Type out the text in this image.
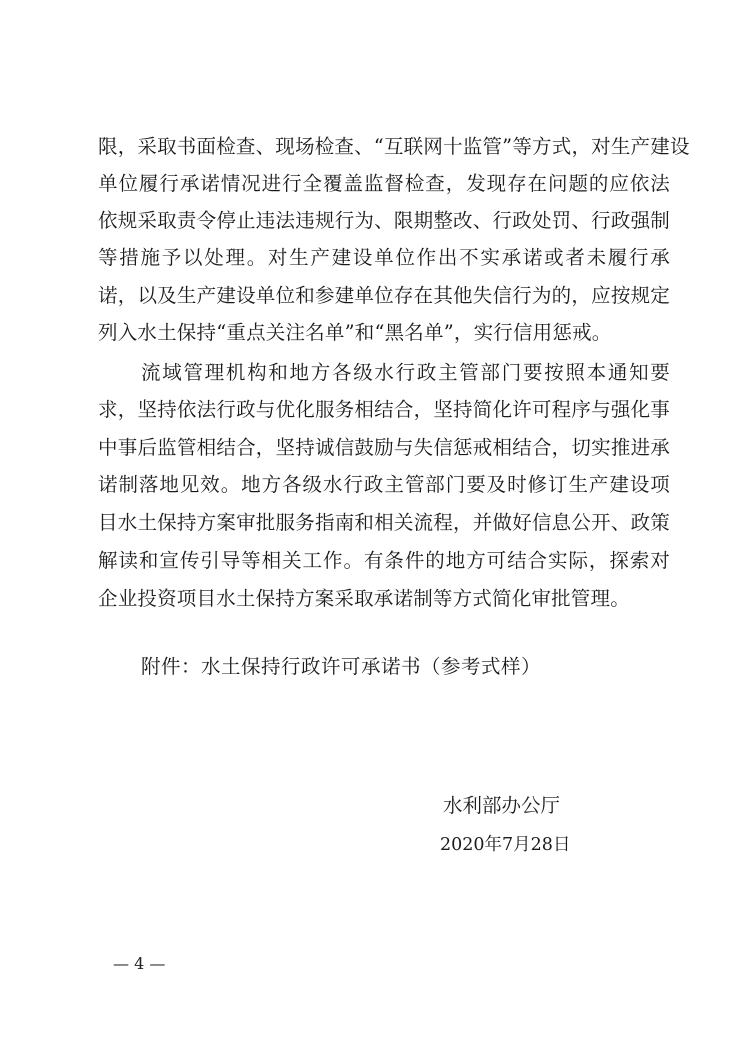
限，采取书面检查、现场检查、“互联网十监管”等方式，对生产建设
单位履行承诺情况进行全覆盖监督检查，发现存在问题的应依法
依规采取责令停止违法违规行为、限期整改、行政处罚、行政强制
等措施予以处理。对生产建设单位作出不实承诺或者未履行承
诺，以及生产建设单位和参建单位存在其他失信行为的，应按规定
列入水土保持“重点关注名单”和“黑名单”，实行信用惩戒。
流域管理机构和地方各级水行政主管部门要按照本通知要
求，坚持依法行政与优化服务相结合，坚持简化许可程序与强化事
中事后监管相结合，坚持诚信鼓励与失信惩戒相结合，切实推进承
诺制落地见效。地方各级水行政主管部门要及时修订生产建设项
目水土保持方案审批服务指南和相关流程，并做好信息公开、政策
解读和宣传引导等相关工作。有条件的地方可结合实际，探索对
企业投资项目水土保持方案采取承诺制等方式简化审批管理。
附件：水土保持行政许可承诺书（参考式样）
水利部办公厅
2020年7月28日
— 4 —
